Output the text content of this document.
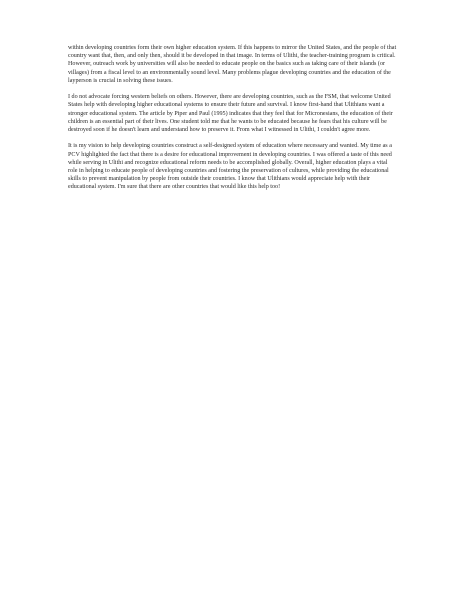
within developing countries form their own higher education system. If this happens to mirror the United States, and the people of that country want that, then, and only then, should it be developed in that image. In terms of Ulithi, the teacher-training program is critical. However, outreach work by universities will also be needed to educate people on the basics such as taking care of their islands (or villages) from a fiscal level to an environmentally sound level. Many problems plague developing countries and the education of the layperson is crucial in solving these issues.

I do not advocate forcing western beliefs on others. However, there are developing countries, such as the FSM, that welcome United States help with developing higher educational systems to ensure their future and survival. I know first-hand that Ulithians want a stronger educational system. The article by Piper and Paul (1995) indicates that they feel that for Micronesians, the education of their children is an essential part of their lives. One student told me that he wants to be educated because he fears that his culture will be destroyed soon if he doesn't learn and understand how to preserve it. From what I witnessed in Ulithi, I couldn't agree more.

It is my vision to help developing countries construct a self-designed system of education where necessary and wanted. My time as a PCV highlighted the fact that there is a desire for educational improvement in developing countries. I was offered a taste of this need while serving in Ulithi and recognize educational reform needs to be accomplished globally. Overall, higher education plays a vital role in helping to educate people of developing countries and fostering the preservation of cultures, while providing the educational skills to prevent manipulation by people from outside their countries. I know that Ulithians would appreciate help with their educational system. I'm sure that there are other countries that would like this help too!
